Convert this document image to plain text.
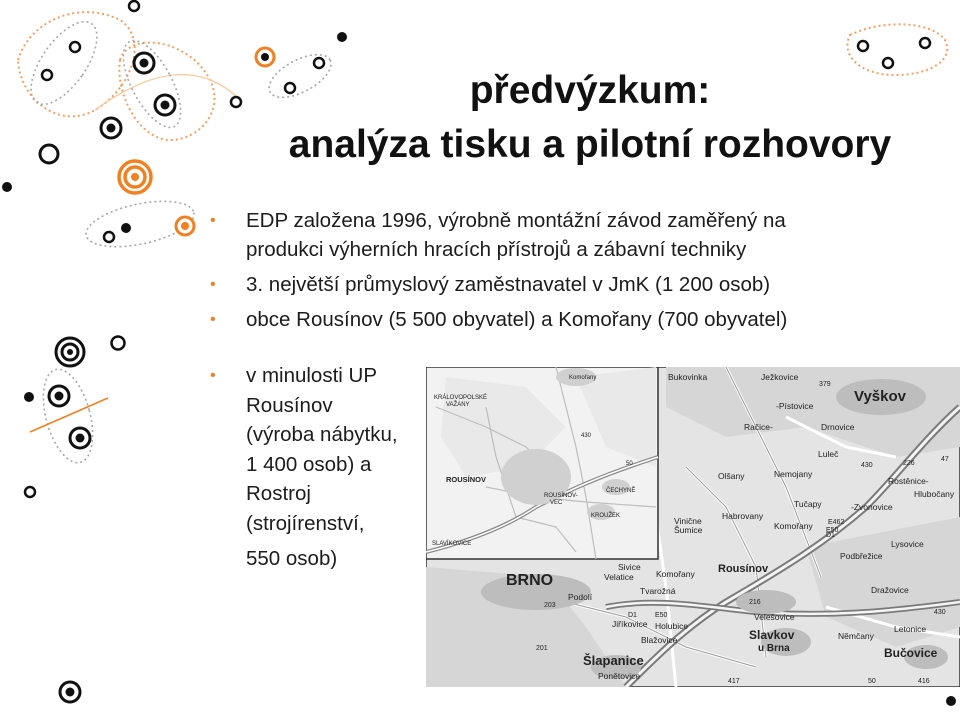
předvýzkum:
analýza tisku a pilotní rozhovory
• EDP založena 1996, výrobně montážní závod zaměřený na
produkci výherních hracích přístrojů a zábavní techniky
• 3. největší průmyslový zaměstnavatel v JmK (1 200 osob)
• obce Rousínov (5 500 obyvatel) a Komořany (700 obyvatel)
• v minulosti UP
Rousínov
(výroba nábytku,
1 400 osob) a
Rostroj
(strojírenství,
550 osob)
Komořany
KRÁLOVOPOLSKÉ
VAŽANY
ROUSÍNOV
ROUSÍNOV-
VEC
ČECHYNĚ
KROUŽEK
SLAVÍKOVICE
430
50
Vyškov
BRNO
Rousínov
Slavkov
u Brna	Bučovice
Šlapanice
Bukovinka	Ježkovice
-Pístovice
Račice-	Drnovice
Luleč
Olšany	Nemojany
Tučapy
Habrovany
Komořany
Rostěnice-
Hlubočany
-Zvonovice
Lysovice
Podbřežice
Dražovice
Sivice
Velatice	Komořany
Tvarožná
Podolí
Velešovice
Jiříkovice Holubice
Blažovice	Němčany
Letonice
Vinične
Šumice
Ponětovice
379
430	226
D1
E462
E50
203
201
D1	E50
216
417	50	416
430
47
